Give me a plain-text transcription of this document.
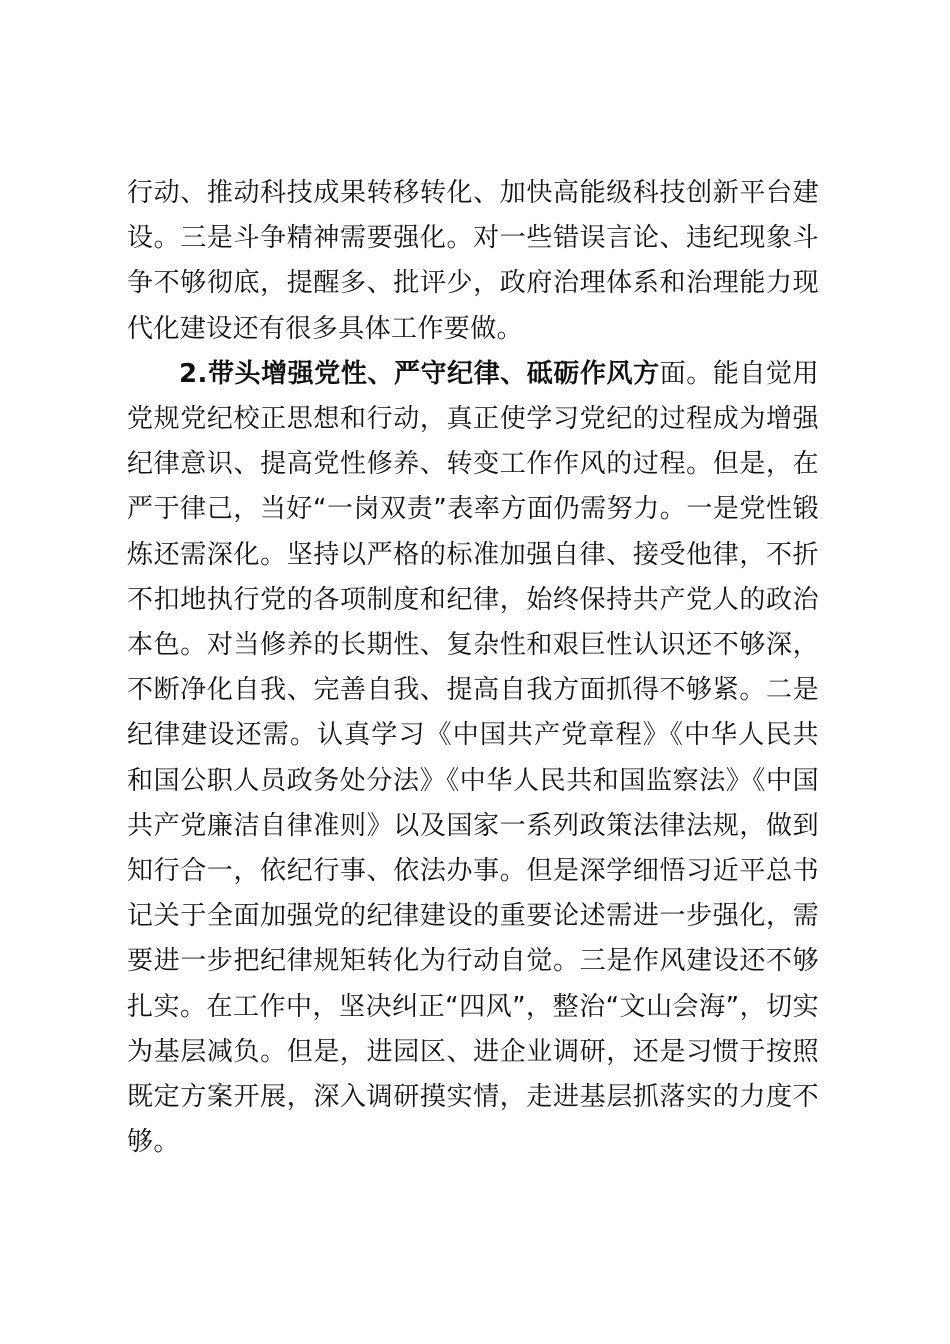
行动、推动科技成果转移转化、加快高能级科技创新平台建设。三是斗争精神需要强化。对一些错误言论、违纪现象斗争不够彻底，提醒多、批评少，政府治理体系和治理能力现代化建设还有很多具体工作要做。

2.带头增强党性、严守纪律、砥砺作风方面。能自觉用党规党纪校正思想和行动，真正使学习党纪的过程成为增强纪律意识、提高党性修养、转变工作作风的过程。但是，在严于律己，当好“一岗双责”表率方面仍需努力。一是党性锻炼还需深化。坚持以严格的标准加强自律、接受他律，不折不扣地执行党的各项制度和纪律，始终保持共产党人的政治本色。对当修养的长期性、复杂性和艰巨性认识还不够深，不断净化自我、完善自我、提高自我方面抓得不够紧。二是纪律建设还需。认真学习《中国共产党章程》《中华人民共和国公职人员政务处分法》《中华人民共和国监察法》《中国共产党廉洁自律准则》以及国家一系列政策法律法规，做到知行合一，依纪行事、依法办事。但是深学细悟习近平总书记关于全面加强党的纪律建设的重要论述需进一步强化，需要进一步把纪律规矩转化为行动自觉。三是作风建设还不够扎实。在工作中，坚决纠正“四风”，整治“文山会海”，切实为基层减负。但是，进园区、进企业调研，还是习惯于按照既定方案开展，深入调研摸实情，走进基层抓落实的力度不够。
